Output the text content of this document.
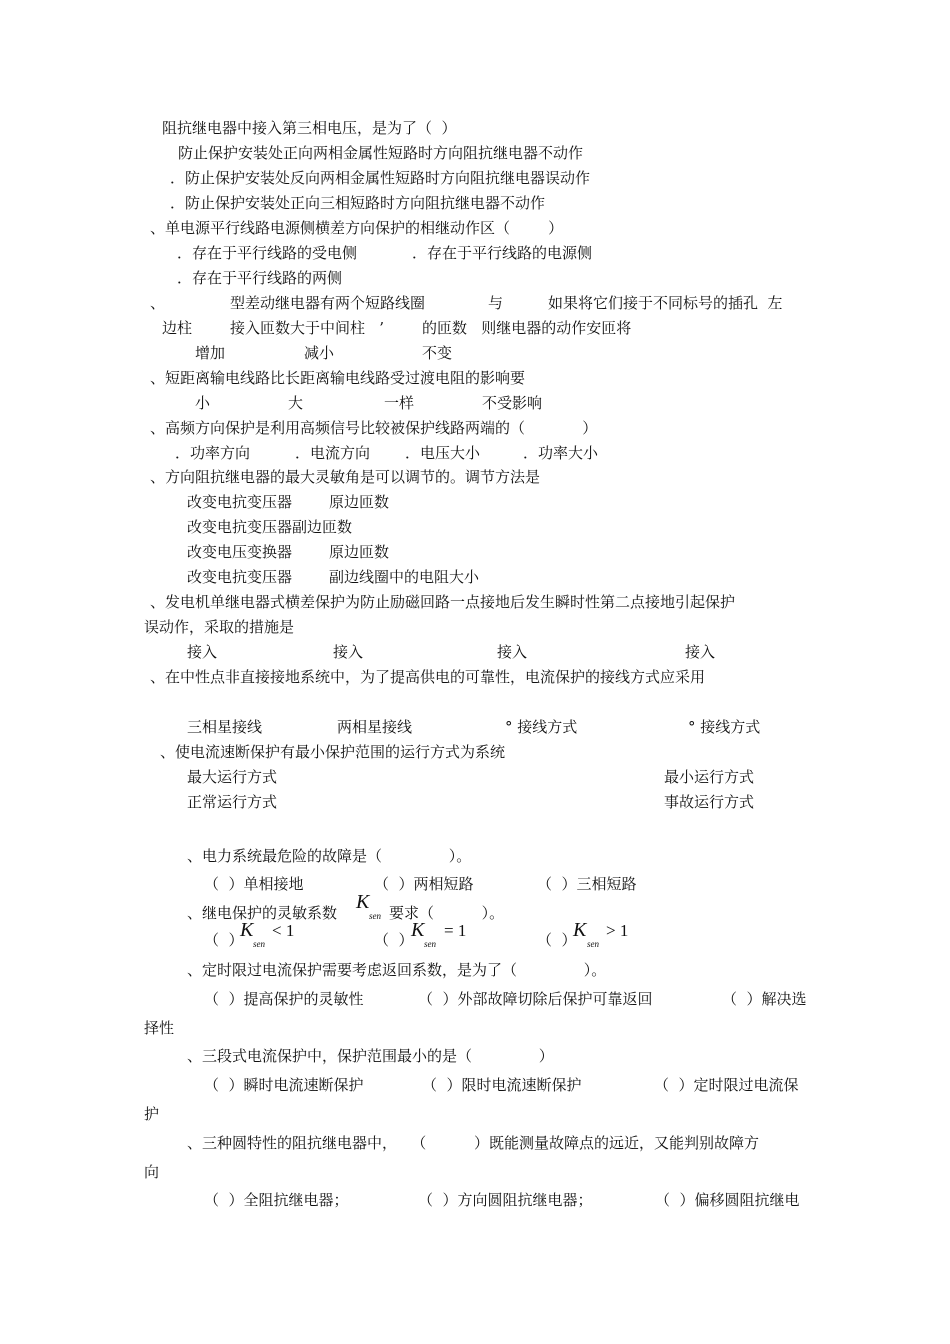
阻抗继电器中接入第三相电压，是为了（  ）
防止保护安装处正向两相金属性短路时方向阻抗继电器不动作
．防止保护安装处反向两相金属性短路时方向阻抗继电器误动作
．防止保护安装处正向三相短路时方向阻抗继电器不动作
、单电源平行线路电源侧横差方向保护的相继动作区（        ）
．存在于平行线路的受电侧	．存在于平行线路的电源侧
．存在于平行线路的两侧
、	型差动继电器有两个短路线圈	与	如果将它们接于不同标号的插孔  左
边柱	接入匝数大于中间柱   ’	的匝数   则继电器的动作安匝将
增加	减小	不变
、短距离输电线路比长距离输电线路受过渡电阻的影响要
小	大	一样	不受影响
、高频方向保护是利用高频信号比较被保护线路两端的（            ）
．功率方向	．电流方向 ．电压大小	．功率大小
、方向阻抗继电器的最大灵敏角是可以调节的。调节方法是
改变电抗变压器 原边匝数
改变电抗变压器副边匝数
改变电压变换器 原边匝数
改变电抗变压器 副边线圈中的电阻大小
、发电机单继电器式横差保护为防止励磁回路一点接地后发生瞬时性第二点接地引起保护
误动作，采取的措施是
接入	接入	接入	接入
、在中性点非直接接地系统中，为了提高供电的可靠性，电流保护的接线方式应采用
三相星接线	两相星接线	° 接线方式	° 接线方式
、使电流速断保护有最小保护范围的运行方式为系统
最大运行方式	最小运行方式
正常运行方式	事故运行方式
、电力系统最危险的故障是（              ）。
（  ）单相接地	（  ）两相短路	（  ）三相短路
、继电保护的灵敏系数 K
sen 要求（          ）。
（  ）
K
sen
< 1	（  ）
K
sen
= 1	（  ）
K
sen
> 1
、定时限过电流保护需要考虑返回系数，是为了（              ）。
（  ）提高保护的灵敏性	（  ）外部故障切除后保护可靠返回	（  ）解决选
择性
、三段式电流保护中，保护范围最小的是（              ）
（  ）瞬时电流速断保护	（  ）限时电流速断保护	（  ）定时限过电流保
护
、三种圆特性的阻抗继电器中，   （          ）既能测量故障点的远近，又能判别故障方
向
（  ）全阻抗继电器；	（  ）方向圆阻抗继电器；	（  ）偏移圆阻抗继电
